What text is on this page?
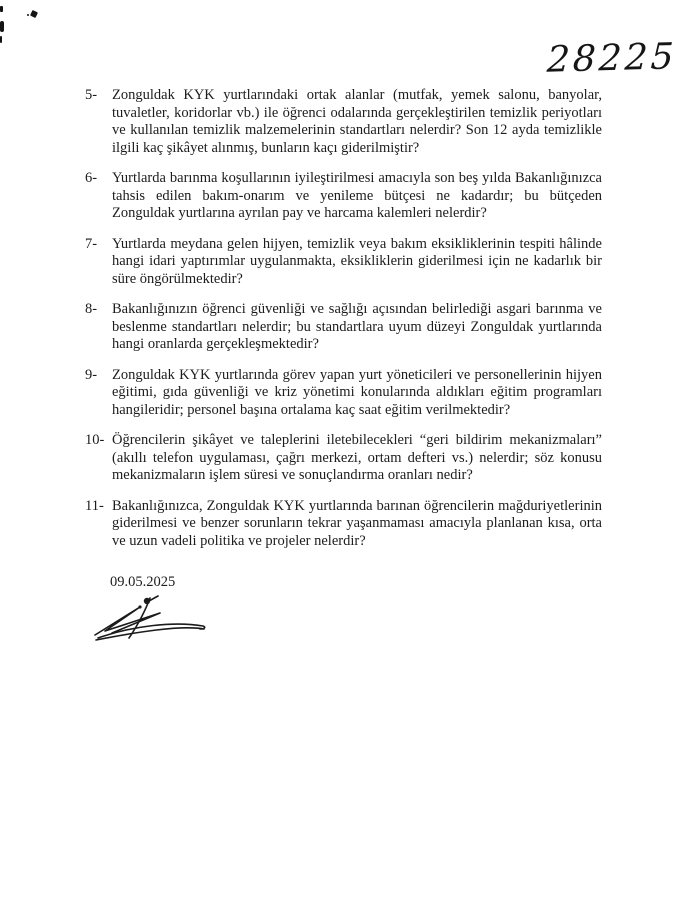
28225
5-	Zonguldak KYK yurtlarındaki ortak alanlar (mutfak, yemek salonu, banyolar, tuvaletler, koridorlar vb.) ile öğrenci odalarında gerçekleştirilen temizlik periyotları ve kullanılan temizlik malzemelerinin standartları nelerdir? Son 12 ayda temizlikle ilgili kaç şikâyet alınmış, bunların kaçı giderilmiştir?
6-	Yurtlarda barınma koşullarının iyileştirilmesi amacıyla son beş yılda Bakanlığınızca tahsis edilen bakım-onarım ve yenileme bütçesi ne kadardır; bu bütçeden Zonguldak yurtlarına ayrılan pay ve harcama kalemleri nelerdir?
7-	Yurtlarda meydana gelen hijyen, temizlik veya bakım eksikliklerinin tespiti hâlinde hangi idari yaptırımlar uygulanmakta, eksikliklerin giderilmesi için ne kadarlık bir süre öngörülmektedir?
8-	Bakanlığınızın öğrenci güvenliği ve sağlığı açısından belirlediği asgari barınma ve beslenme standartları nelerdir; bu standartlara uyum düzeyi Zonguldak yurtlarında hangi oranlarda gerçekleşmektedir?
9-	Zonguldak KYK yurtlarında görev yapan yurt yöneticileri ve personellerinin hijyen eğitimi, gıda güvenliği ve kriz yönetimi konularında aldıkları eğitim programları hangileridir; personel başına ortalama kaç saat eğitim verilmektedir?
10- Öğrencilerin şikâyet ve taleplerini iletebilecekleri “geri bildirim mekanizmaları” (akıllı telefon uygulaması, çağrı merkezi, ortam defteri vs.) nelerdir; söz konusu mekanizmaların işlem süresi ve sonuçlandırma oranları nedir?
11- Bakanlığınızca, Zonguldak KYK yurtlarında barınan öğrencilerin mağduriyetlerinin giderilmesi ve benzer sorunların tekrar yaşanmaması amacıyla planlanan kısa, orta ve uzun vadeli politika ve projeler nelerdir?
09.05.2025
